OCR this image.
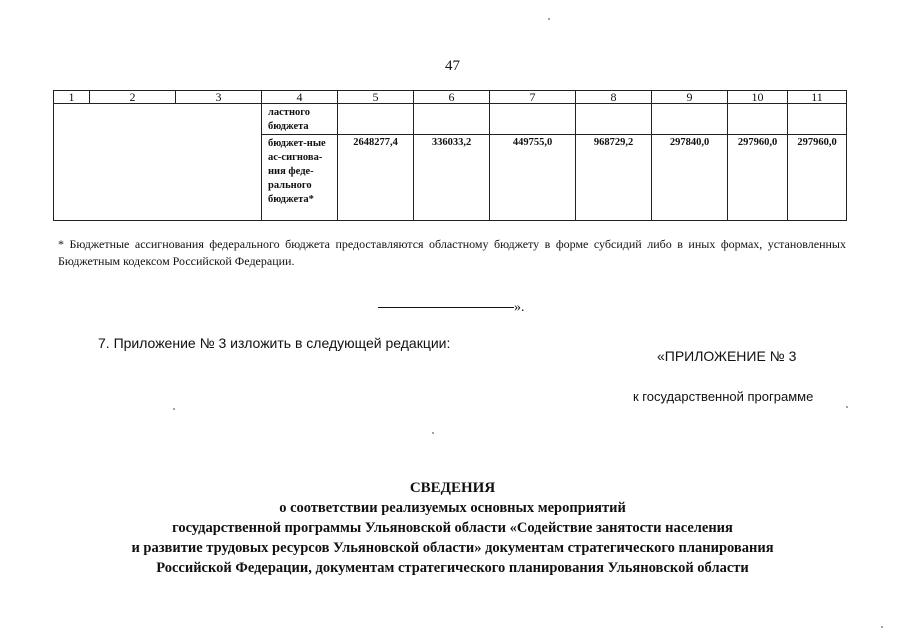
47
1	2	3	4	5	6	7	8	9	10	11
			ластного бюджета							
			бюджет-ные ас-сигнова-ния феде-рального бюджета*	2648277,4	336033,2	449755,0	968729,2	297840,0	297960,0	297960,0
* Бюджетные ассигнования федерального бюджета предоставляются областному бюджету в форме субсидий либо в иных формах, установленных Бюджетным кодексом Российской Федерации.
».
7. Приложение № 3 изложить в следующей редакции:
«ПРИЛОЖЕНИЕ № 3
к государственной программе
СВЕДЕНИЯ
о соответствии реализуемых основных мероприятий
государственной программы Ульяновской области «Содействие занятости населения
и развитие трудовых ресурсов Ульяновской области» документам стратегического планирования
Российской Федерации, документам стратегического планирования Ульяновской области
